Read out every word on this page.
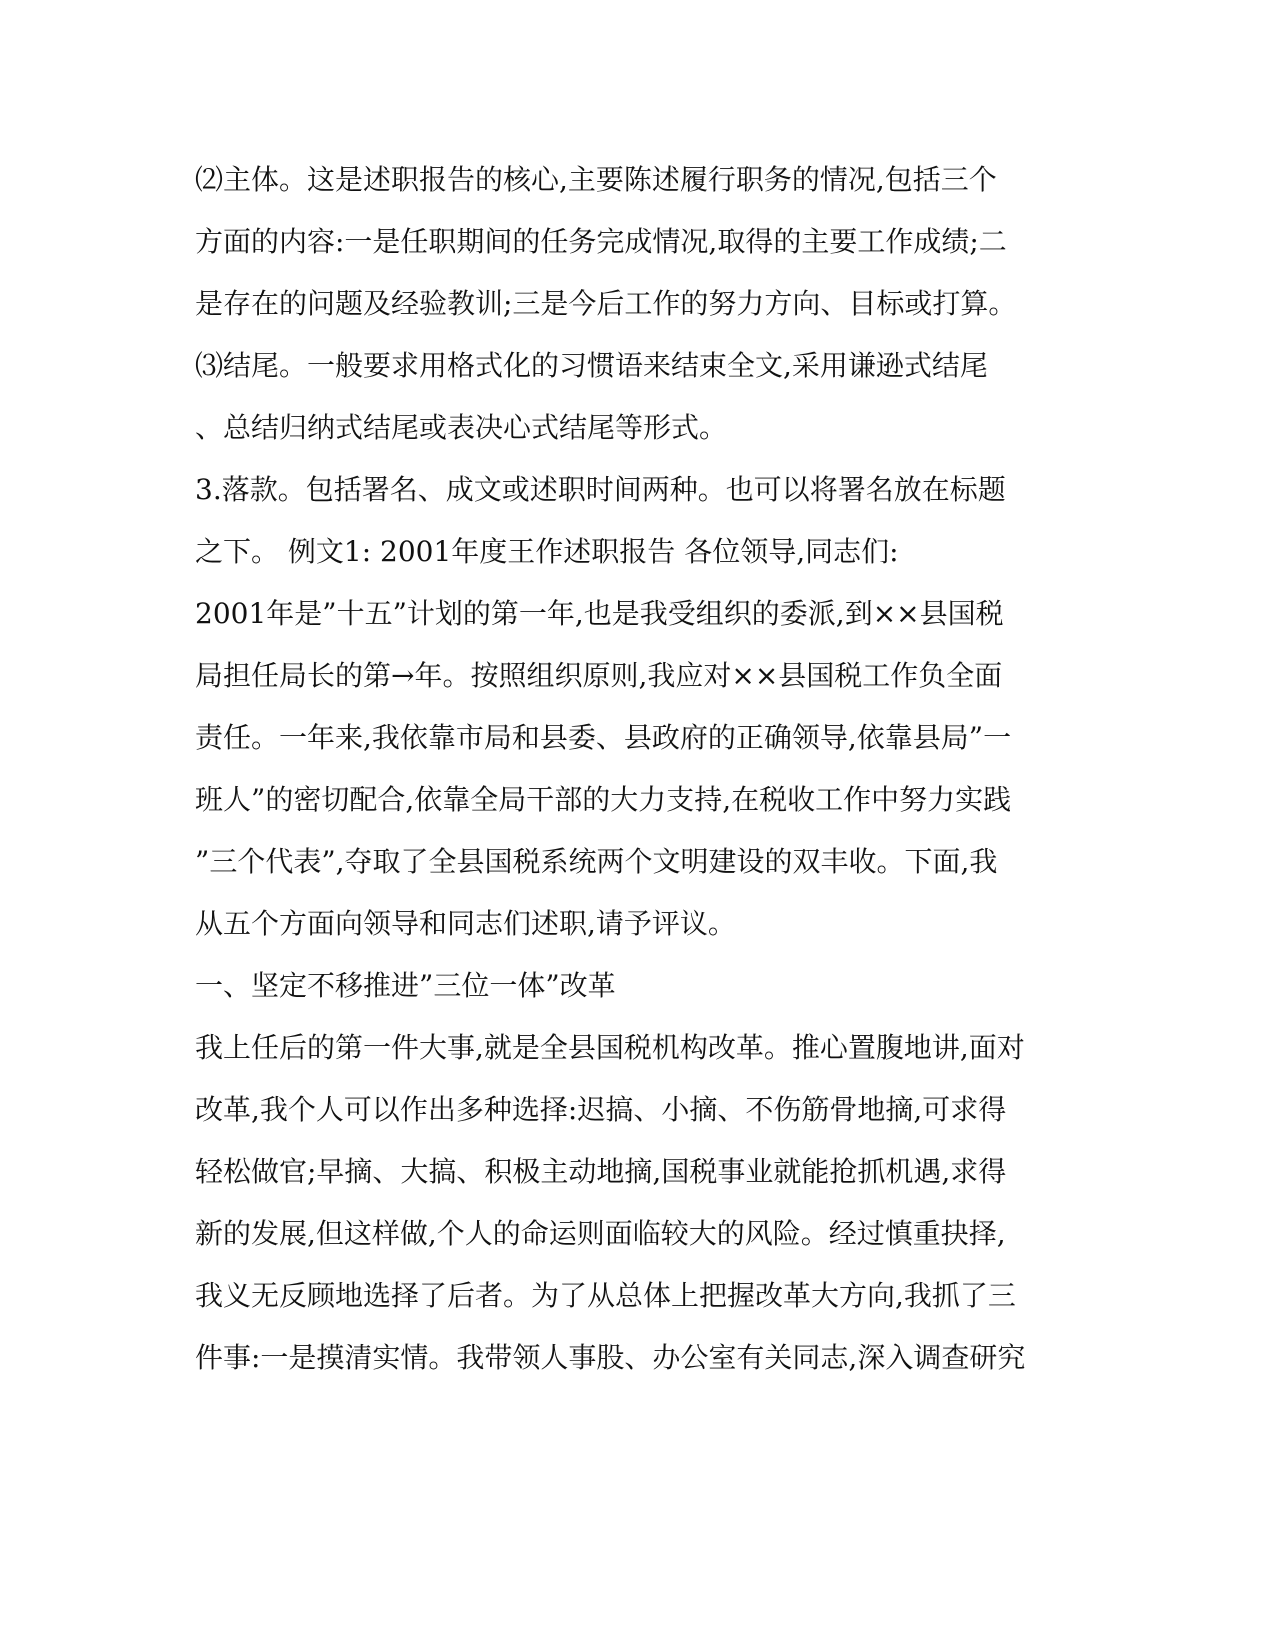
⑵主体。这是述职报告的核心,主要陈述履行职务的情况,包括三个
方面的内容:一是任职期间的任务完成情况,取得的主要工作成绩;二
是存在的问题及经验教训;三是今后工作的努力方向、目标或打算。
⑶结尾。一般要求用格式化的习惯语来结束全文,采用谦逊式结尾
、总结归纳式结尾或表决心式结尾等形式。
3.落款。包括署名、成文或述职时间两种。也可以将署名放在标题
之下。 例文1: 2001年度王作述职报告 各位领导,同志们:
2001年是”十五”计划的第一年,也是我受组织的委派,到××县国税
局担任局长的第→年。按照组织原则,我应对××县国税工作负全面
责任。一年来,我依靠市局和县委、县政府的正确领导,依靠县局”一
班人”的密切配合,依靠全局干部的大力支持,在税收工作中努力实践
”三个代表”,夺取了全县国税系统两个文明建设的双丰收。下面,我
从五个方面向领导和同志们述职,请予评议。
一、坚定不移推进”三位一体”改革
我上任后的第一件大事,就是全县国税机构改革。推心置腹地讲,面对
改革,我个人可以作出多种选择:迟搞、小摘、不伤筋骨地摘,可求得
轻松做官;早摘、大搞、积极主动地摘,国税事业就能抢抓机遇,求得
新的发展,但这样做,个人的命运则面临较大的风险。经过慎重抉择,
我义无反顾地选择了后者。为了从总体上把握改革大方向,我抓了三
件事:一是摸清实情。我带领人事股、办公室有关同志,深入调查研究
